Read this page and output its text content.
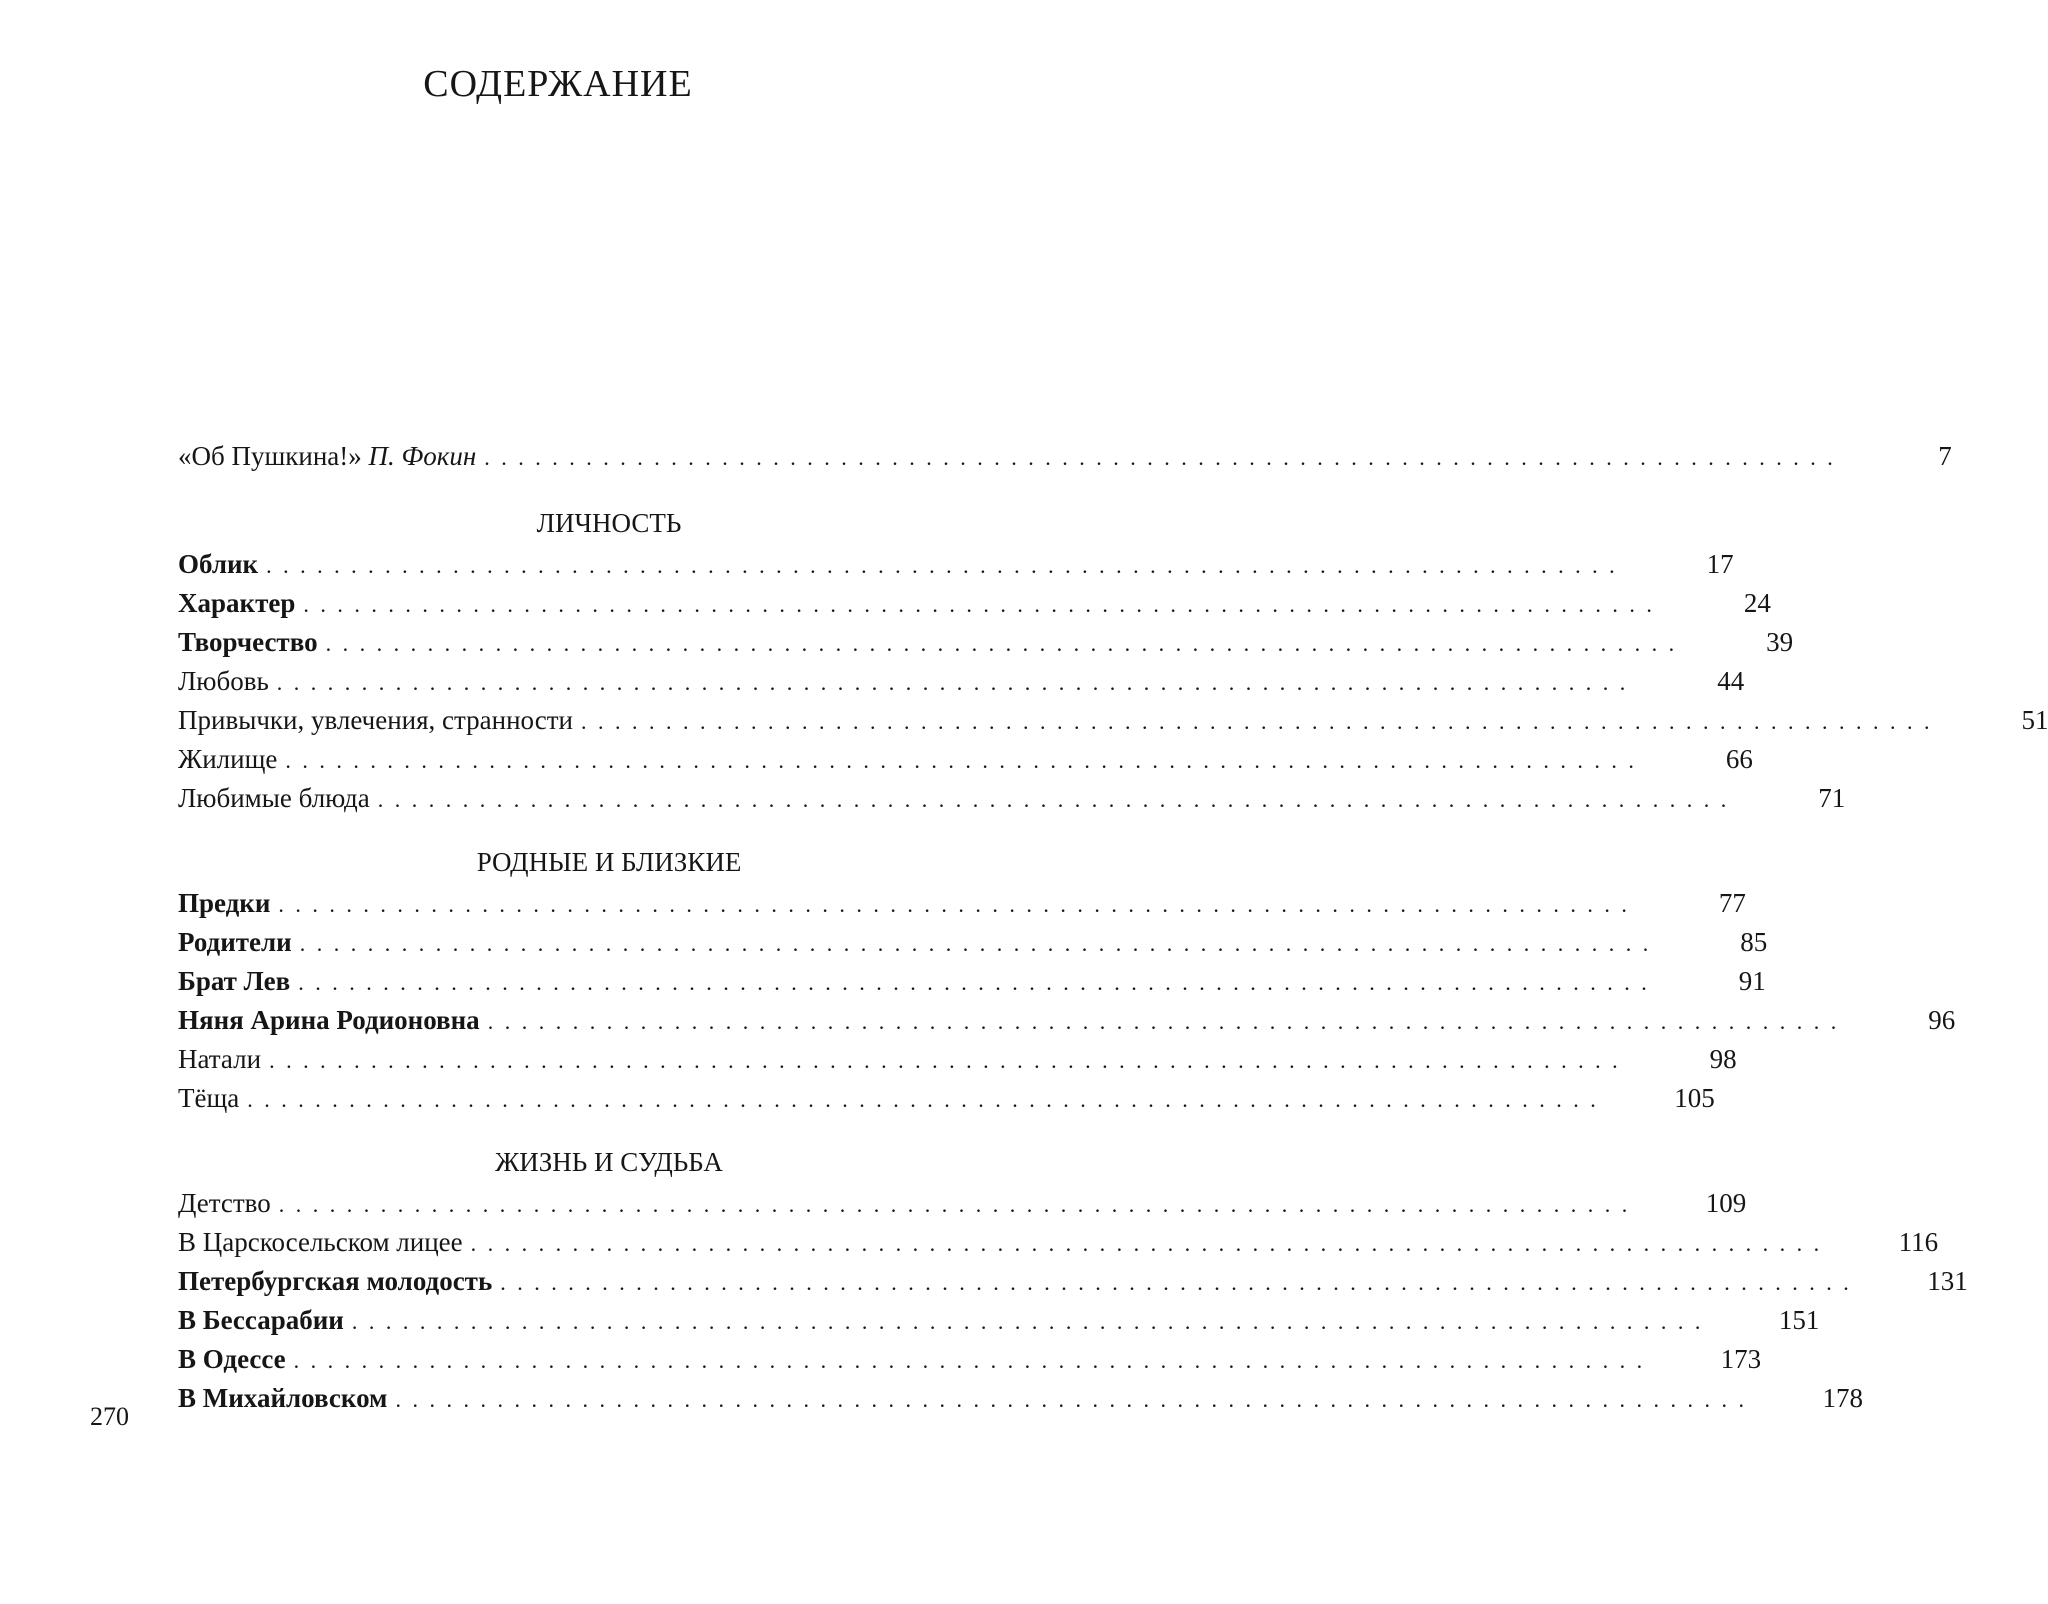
СОДЕРЖАНИЕ
«Об Пушкина!» П. Фокин . . . . . . . . . . . . . . . . . . . . . . . . . . . . . . . . . . . . . . . . . . . . . . . . . . . . . . . . . . . . . . . . . . . . . . . . . . . . . . . .	7
ЛИЧНОСТЬ
Облик . . . . . . . . . . . . . . . . . . . . . . . . . . . . . . . . . . . . . . . . . . . . . . . . . . . . . . . . . . . . . . . . . . . . . . . . . . . . . . . .	17
Характер . . . . . . . . . . . . . . . . . . . . . . . . . . . . . . . . . . . . . . . . . . . . . . . . . . . . . . . . . . . . . . . . . . . . . . . . . . . . . . . .	24
Творчество . . . . . . . . . . . . . . . . . . . . . . . . . . . . . . . . . . . . . . . . . . . . . . . . . . . . . . . . . . . . . . . . . . . . . . . . . . . . . . . .	39
Любовь . . . . . . . . . . . . . . . . . . . . . . . . . . . . . . . . . . . . . . . . . . . . . . . . . . . . . . . . . . . . . . . . . . . . . . . . . . . . . . . .	44
Привычки, увлечения, странности . . . . . . . . . . . . . . . . . . . . . . . . . . . . . . . . . . . . . . . . . . . . . . . . . . . . . . . . . . . . . . . . . . . . . . . . . . . . . . . .	51
Жилище . . . . . . . . . . . . . . . . . . . . . . . . . . . . . . . . . . . . . . . . . . . . . . . . . . . . . . . . . . . . . . . . . . . . . . . . . . . . . . . .	66
Любимые блюда . . . . . . . . . . . . . . . . . . . . . . . . . . . . . . . . . . . . . . . . . . . . . . . . . . . . . . . . . . . . . . . . . . . . . . . . . . . . . . . .	71
РОДНЫЕ И БЛИЗКИЕ
Предки . . . . . . . . . . . . . . . . . . . . . . . . . . . . . . . . . . . . . . . . . . . . . . . . . . . . . . . . . . . . . . . . . . . . . . . . . . . . . . . .	77
Родители . . . . . . . . . . . . . . . . . . . . . . . . . . . . . . . . . . . . . . . . . . . . . . . . . . . . . . . . . . . . . . . . . . . . . . . . . . . . . . . .	85
Брат Лев . . . . . . . . . . . . . . . . . . . . . . . . . . . . . . . . . . . . . . . . . . . . . . . . . . . . . . . . . . . . . . . . . . . . . . . . . . . . . . . .	91
Няня Арина Родионовна . . . . . . . . . . . . . . . . . . . . . . . . . . . . . . . . . . . . . . . . . . . . . . . . . . . . . . . . . . . . . . . . . . . . . . . . . . . . . . . .	96
Натали . . . . . . . . . . . . . . . . . . . . . . . . . . . . . . . . . . . . . . . . . . . . . . . . . . . . . . . . . . . . . . . . . . . . . . . . . . . . . . . .	98
Тёща . . . . . . . . . . . . . . . . . . . . . . . . . . . . . . . . . . . . . . . . . . . . . . . . . . . . . . . . . . . . . . . . . . . . . . . . . . . . . . . .	105
ЖИЗНЬ И СУДЬБА
Детство . . . . . . . . . . . . . . . . . . . . . . . . . . . . . . . . . . . . . . . . . . . . . . . . . . . . . . . . . . . . . . . . . . . . . . . . . . . . . . . .	109
В Царскосельском лицее . . . . . . . . . . . . . . . . . . . . . . . . . . . . . . . . . . . . . . . . . . . . . . . . . . . . . . . . . . . . . . . . . . . . . . . . . . . . . . . .	116
Петербургская молодость . . . . . . . . . . . . . . . . . . . . . . . . . . . . . . . . . . . . . . . . . . . . . . . . . . . . . . . . . . . . . . . . . . . . . . . . . . . . . . . .	131
В Бессарабии . . . . . . . . . . . . . . . . . . . . . . . . . . . . . . . . . . . . . . . . . . . . . . . . . . . . . . . . . . . . . . . . . . . . . . . . . . . . . . . .	151
В Одессе . . . . . . . . . . . . . . . . . . . . . . . . . . . . . . . . . . . . . . . . . . . . . . . . . . . . . . . . . . . . . . . . . . . . . . . . . . . . . . . .	173
В Михайловском . . . . . . . . . . . . . . . . . . . . . . . . . . . . . . . . . . . . . . . . . . . . . . . . . . . . . . . . . . . . . . . . . . . . . . . . . . . . . . . .	178
270
